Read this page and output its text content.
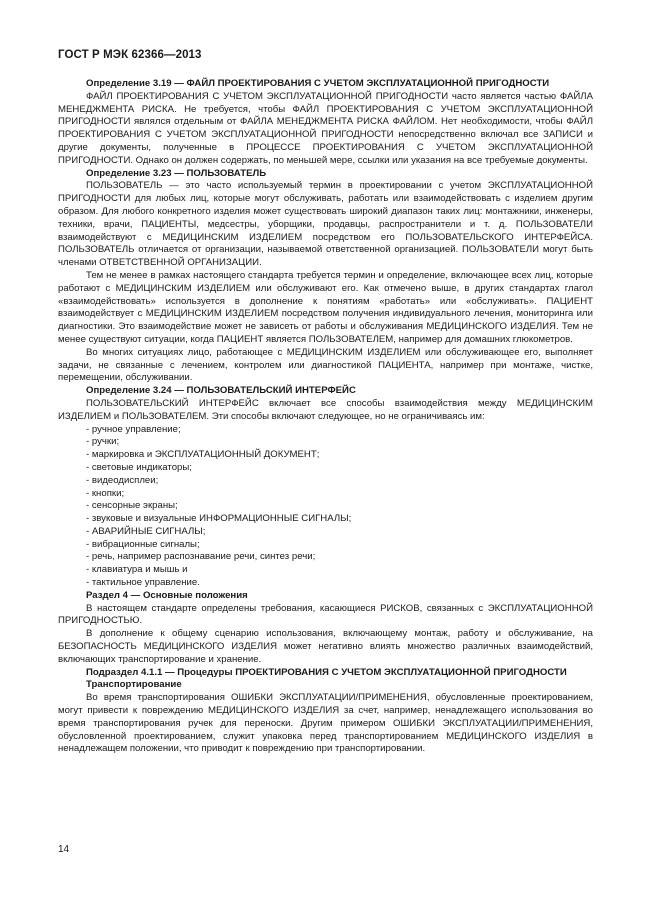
ГОСТ Р МЭК 62366—2013

Определение 3.19 — ФАЙЛ ПРОЕКТИРОВАНИЯ С УЧЕТОМ ЭКСПЛУАТАЦИОННОЙ ПРИГОДНОСТИ

ФАЙЛ ПРОЕКТИРОВАНИЯ С УЧЕТОМ ЭКСПЛУАТАЦИОННОЙ ПРИГОДНОСТИ часто является частью ФАЙЛА МЕНЕДЖМЕНТА РИСКА. Не требуется, чтобы ФАЙЛ ПРОЕКТИРОВАНИЯ С УЧЕТОМ ЭКСПЛУАТАЦИОННОЙ ПРИГОДНОСТИ являлся отдельным от ФАЙЛА МЕНЕДЖМЕНТА РИСКА ФАЙЛОМ. Нет необходимости, чтобы ФАЙЛ ПРОЕКТИРОВАНИЯ С УЧЕТОМ ЭКСПЛУАТАЦИОННОЙ ПРИГОДНОСТИ непосредственно включал все ЗАПИСИ и другие документы, полученные в ПРОЦЕССЕ ПРОЕКТИРОВАНИЯ С УЧЕТОМ ЭКСПЛУАТАЦИОННОЙ ПРИГОДНОСТИ. Однако он должен содержать, по меньшей мере, ссылки или указания на все требуемые документы.

Определение 3.23 — ПОЛЬЗОВАТЕЛЬ

ПОЛЬЗОВАТЕЛЬ — это часто используемый термин в проектировании с учетом ЭКСПЛУАТАЦИОННОЙ ПРИГОДНОСТИ для любых лиц, которые могут обслуживать, работать или взаимодействовать с изделием другим образом. Для любого конкретного изделия может существовать широкий диапазон таких лиц: монтажники, инженеры, техники, врачи, ПАЦИЕНТЫ, медсестры, уборщики, продавцы, распространители и т. д. ПОЛЬЗОВАТЕЛИ взаимодействуют с МЕДИЦИНСКИМ ИЗДЕЛИЕМ посредством его ПОЛЬЗОВАТЕЛЬСКОГО ИНТЕРФЕЙСА. ПОЛЬЗОВАТЕЛЬ отличается от организации, называемой ответственной организацией. ПОЛЬЗОВАТЕЛИ могут быть членами ОТВЕТСТВЕННОЙ ОРГАНИЗАЦИИ.

Тем не менее в рамках настоящего стандарта требуется термин и определение, включающее всех лиц, которые работают с МЕДИЦИНСКИМ ИЗДЕЛИЕМ или обслуживают его. Как отмечено выше, в других стандартах глагол «взаимодействовать» используется в дополнение к понятиям «работать» или «обслуживать». ПАЦИЕНТ взаимодействует с МЕДИЦИНСКИМ ИЗДЕЛИЕМ посредством получения индивидуального лечения, мониторинга или диагностики. Это взаимодействие может не зависеть от работы и обслуживания МЕДИЦИНСКОГО ИЗДЕЛИЯ. Тем не менее существуют ситуации, когда ПАЦИЕНТ является ПОЛЬЗОВАТЕЛЕМ, например для домашних глюкометров.

Во многих ситуациях лицо, работающее с МЕДИЦИНСКИМ ИЗДЕЛИЕМ или обслуживающее его, выполняет задачи, не связанные с лечением, контролем или диагностикой ПАЦИЕНТА, например при монтаже, чистке, перемещении, обслуживании.

Определение 3.24 — ПОЛЬЗОВАТЕЛЬСКИЙ ИНТЕРФЕЙС

ПОЛЬЗОВАТЕЛЬСКИЙ ИНТЕРФЕЙС включает все способы взаимодействия между МЕДИЦИНСКИМ ИЗДЕЛИЕМ и ПОЛЬЗОВАТЕЛЕМ. Эти способы включают следующее, но не ограничиваясь им:

- ручное управление;
- ручки;
- маркировка и ЭКСПЛУАТАЦИОННЫЙ ДОКУМЕНТ;
- световые индикаторы;
- видеодисплеи;
- кнопки;
- сенсорные экраны;
- звуковые и визуальные ИНФОРМАЦИОННЫЕ СИГНАЛЫ;
- АВАРИЙНЫЕ СИГНАЛЫ;
- вибрационные сигналы;
- речь, например распознавание речи, синтез речи;
- клавиатура и мышь и
- тактильное управление.

Раздел 4 — Основные положения

В настоящем стандарте определены требования, касающиеся РИСКОВ, связанных с ЭКСПЛУАТАЦИОННОЙ ПРИГОДНОСТЬЮ.

В дополнение к общему сценарию использования, включающему монтаж, работу и обслуживание, на БЕЗОПАСНОСТЬ МЕДИЦИНСКОГО ИЗДЕЛИЯ может негативно влиять множество различных взаимодействий, включающих транспортирование и хранение.

Подраздел 4.1.1 — Процедуры ПРОЕКТИРОВАНИЯ С УЧЕТОМ ЭКСПЛУАТАЦИОННОЙ ПРИГОДНОСТИ

Транспортирование

Во время транспортирования ОШИБКИ ЭКСПЛУАТАЦИИ/ПРИМЕНЕНИЯ, обусловленные проектированием, могут привести к повреждению МЕДИЦИНСКОГО ИЗДЕЛИЯ за счет, например, ненадлежащего использования во время транспортирования ручек для переноски. Другим примером ОШИБКИ ЭКСПЛУАТАЦИИ/ПРИМЕНЕНИЯ, обусловленной проектированием, служит упаковка перед транспортированием МЕДИЦИНСКОГО ИЗДЕЛИЯ в ненадлежащем положении, что приводит к повреждению при транспортировании.

14
